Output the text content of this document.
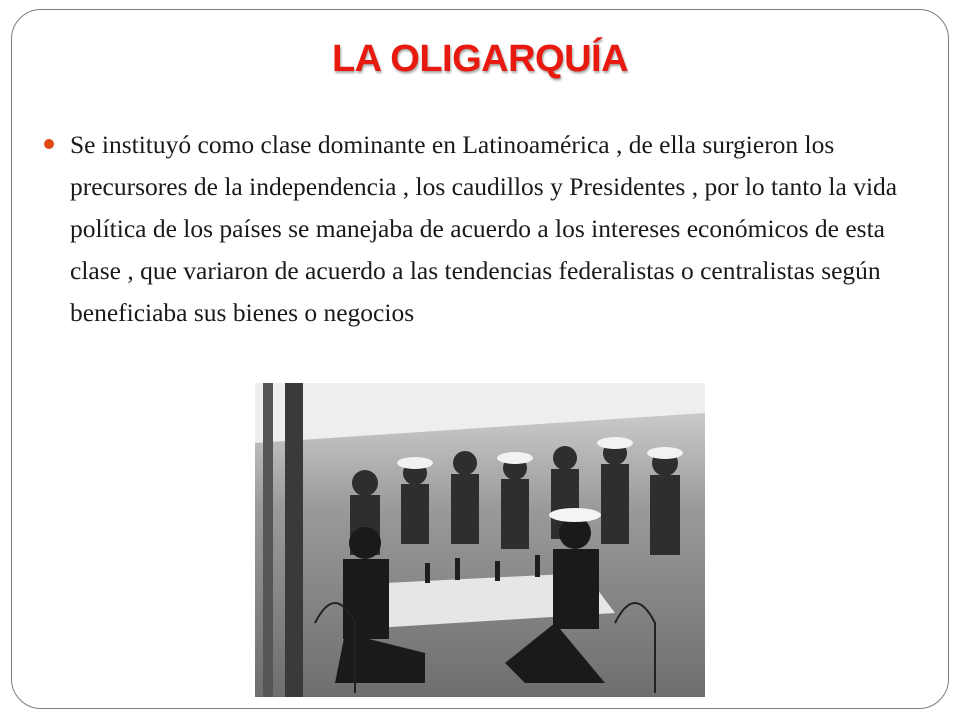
LA OLIGARQUÍA
Se instituyó como clase dominante en Latinoamérica , de ella surgieron los precursores de la independencia , los caudillos y Presidentes , por lo tanto la vida política de los países se manejaba de acuerdo a los intereses económicos de esta clase , que variaron de acuerdo a las tendencias federalistas o centralistas según beneficiaba sus bienes o negocios
